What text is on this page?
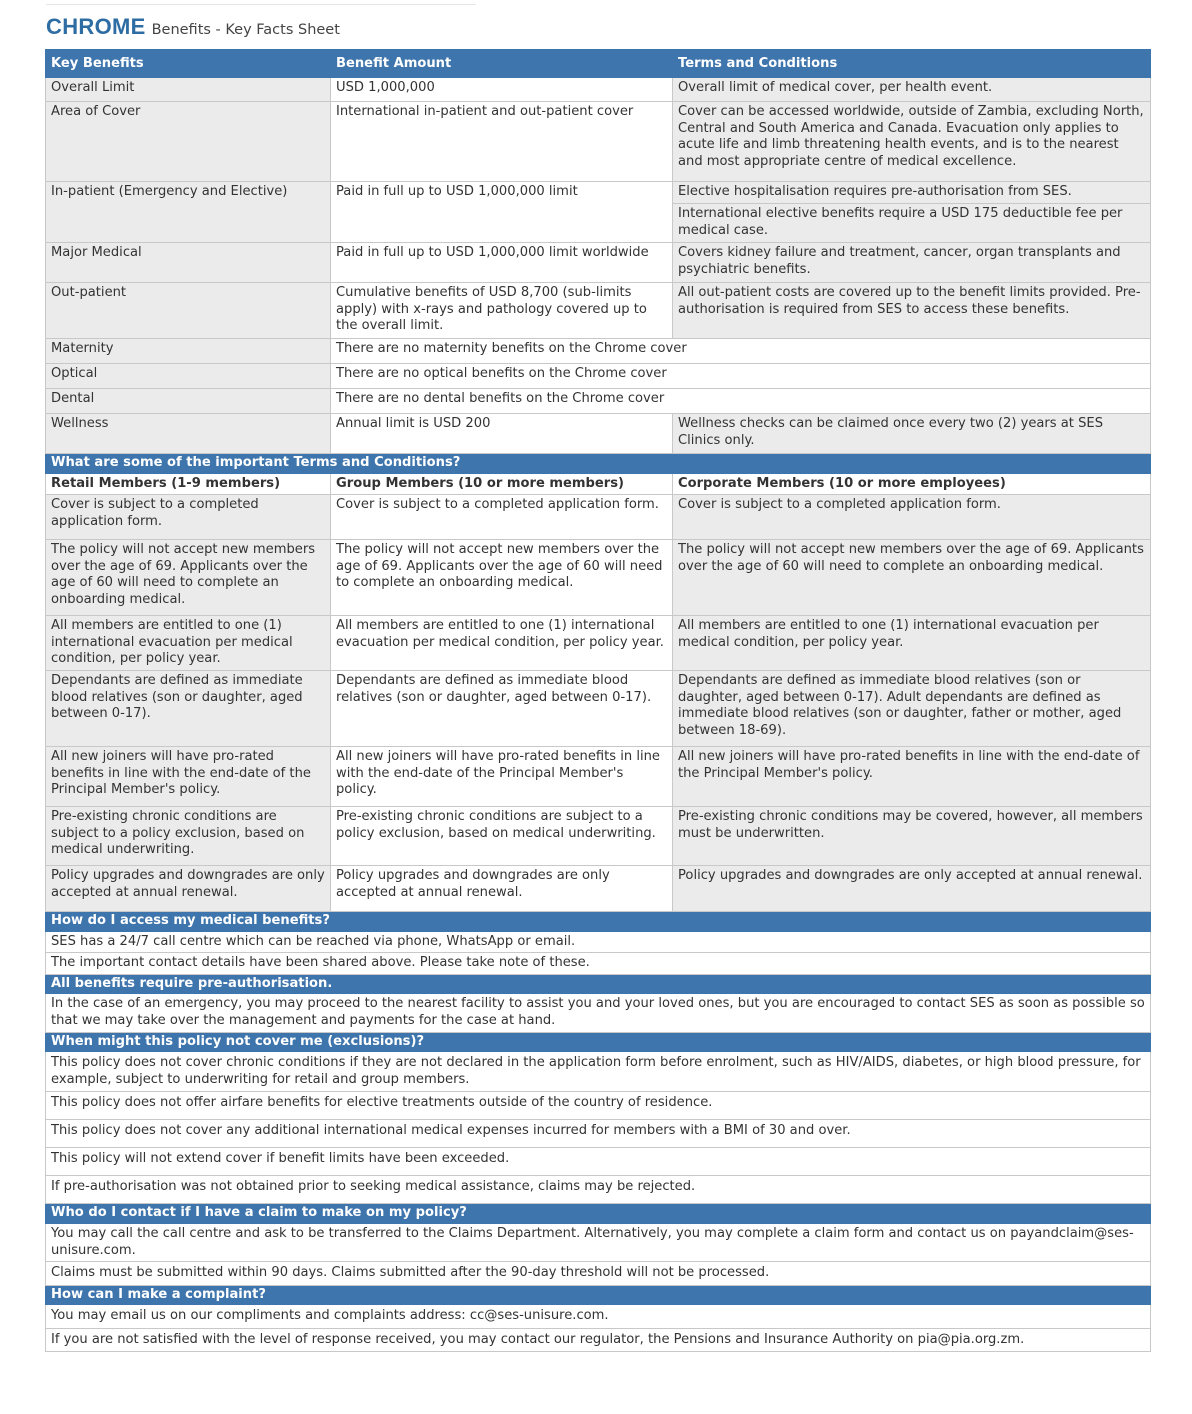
CHROME Benefits - Key Facts Sheet
Key Benefits	Benefit Amount	Terms and Conditions
Overall Limit	USD 1,000,000	Overall limit of medical cover, per health event.
Area of Cover	International in-patient and out-patient cover	Cover can be accessed worldwide, outside of Zambia, excluding North, Central and South America and Canada. Evacuation only applies to acute life and limb threatening health events, and is to the nearest and most appropriate centre of medical excellence.
In-patient (Emergency and Elective)	Paid in full up to USD 1,000,000 limit	Elective hospitalisation requires pre-authorisation from SES.
		International elective benefits require a USD 175 deductible fee per medical case.
Major Medical	Paid in full up to USD 1,000,000 limit worldwide	Covers kidney failure and treatment, cancer, organ transplants and psychiatric benefits.
Out-patient	Cumulative benefits of USD 8,700 (sub-limits apply) with x-rays and pathology covered up to the overall limit.	All out-patient costs are covered up to the benefit limits provided. Pre-authorisation is required from SES to access these benefits.
Maternity	There are no maternity benefits on the Chrome cover	
Optical	There are no optical benefits on the Chrome cover	
Dental	There are no dental benefits on the Chrome cover	
Wellness	Annual limit is USD 200	Wellness checks can be claimed once every two (2) years at SES Clinics only.
What are some of the important Terms and Conditions?		
Retail Members (1-9 members)	Group Members (10 or more members)	Corporate Members (10 or more employees)
Cover is subject to a completed application form.	Cover is subject to a completed application form.	Cover is subject to a completed application form.
The policy will not accept new members over the age of 69. Applicants over the age of 60 will need to complete an onboarding medical.	The policy will not accept new members over the age of 69. Applicants over the age of 60 will need to complete an onboarding medical.	The policy will not accept new members over the age of 69. Applicants over the age of 60 will need to complete an onboarding medical.
All members are entitled to one (1) international evacuation per medical condition, per policy year.	All members are entitled to one (1) international evacuation per medical condition, per policy year.	All members are entitled to one (1) international evacuation per medical condition, per policy year.
Dependants are defined as immediate blood relatives (son or daughter, aged between 0-17).	Dependants are defined as immediate blood relatives (son or daughter, aged between 0-17).	Dependants are defined as immediate blood relatives (son or daughter, aged between 0-17). Adult dependants are defined as immediate blood relatives (son or daughter, father or mother, aged between 18-69).
All new joiners will have pro-rated benefits in line with the end-date of the Principal Member's policy.	All new joiners will have pro-rated benefits in line with the end-date of the Principal Member's policy.	All new joiners will have pro-rated benefits in line with the end-date of the Principal Member's policy.
Pre-existing chronic conditions are subject to a policy exclusion, based on medical underwriting.	Pre-existing chronic conditions are subject to a policy exclusion, based on medical underwriting.	Pre-existing chronic conditions may be covered, however, all members must be underwritten.
Policy upgrades and downgrades are only accepted at annual renewal.	Policy upgrades and downgrades are only accepted at annual renewal.	Policy upgrades and downgrades are only accepted at annual renewal.
How do I access my medical benefits?		
SES has a 24/7 call centre which can be reached via phone, WhatsApp or email.		
The important contact details have been shared above. Please take note of these.		
All benefits require pre-authorisation.		
In the case of an emergency, you may proceed to the nearest facility to assist you and your loved ones, but you are encouraged to contact SES as soon as possible so that we may take over the management and payments for the case at hand.		
When might this policy not cover me (exclusions)?		
This policy does not cover chronic conditions if they are not declared in the application form before enrolment, such as HIV/AIDS, diabetes, or high blood pressure, for example, subject to underwriting for retail and group members.		
This policy does not offer airfare benefits for elective treatments outside of the country of residence.		
This policy does not cover any additional international medical expenses incurred for members with a BMI of 30 and over.		
This policy will not extend cover if benefit limits have been exceeded.		
If pre-authorisation was not obtained prior to seeking medical assistance, claims may be rejected.		
Who do I contact if I have a claim to make on my policy?		
You may call the call centre and ask to be transferred to the Claims Department. Alternatively, you may complete a claim form and contact us on payandclaim@ses-unisure.com.		
Claims must be submitted within 90 days. Claims submitted after the 90-day threshold will not be processed.		
How can I make a complaint?		
You may email us on our compliments and complaints address: cc@ses-unisure.com.		
If you are not satisfied with the level of response received, you may contact our regulator, the Pensions and Insurance Authority on pia@pia.org.zm.		
